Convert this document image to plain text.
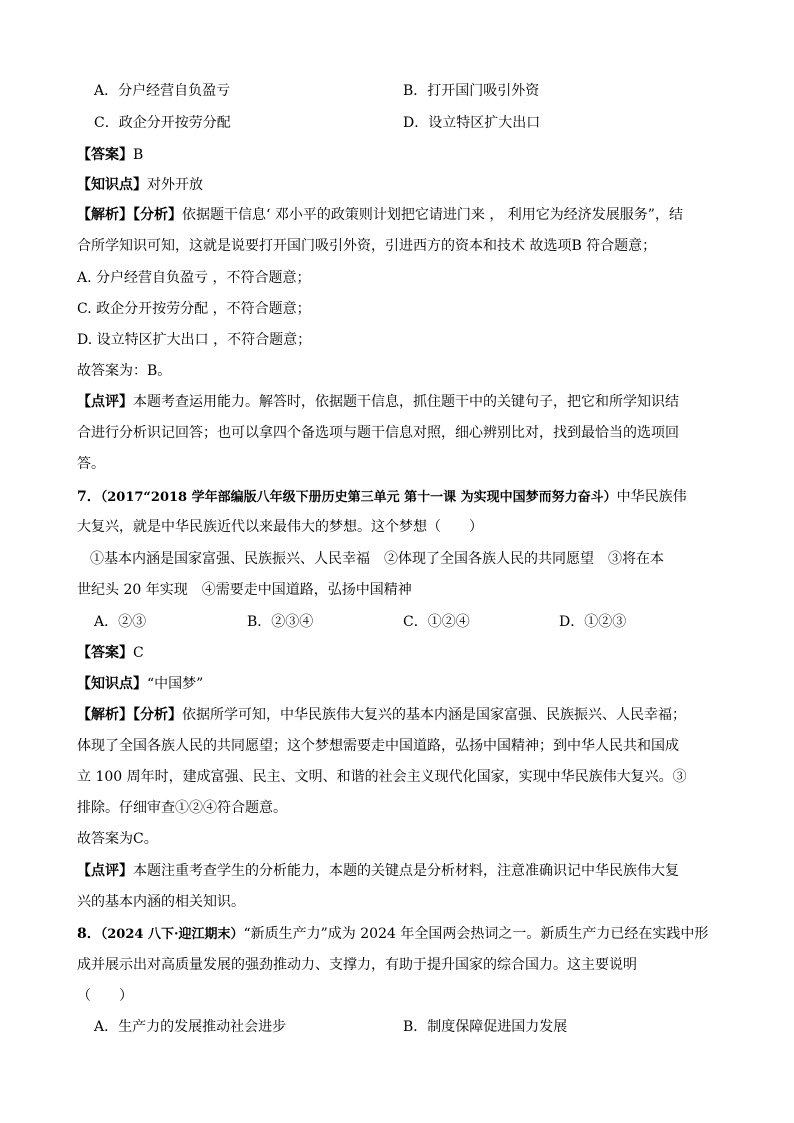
A．分户经营自负盈亏	B．打开国门吸引外资
C．政企分开按劳分配	D．设立特区扩大出口
【答案】B
【知识点】对外开放
【解析】【分析】依据题干信息‘ 邓小平的政策则计划把它请进门来 ， 利用它为经济发展服务”，结
合所学知识可知，这就是说要打开国门吸引外资，引进西方的资本和技术 故选项B 符合题意；
A. 分户经营自负盈亏 ，不符合题意；
C. 政企分开按劳分配 ，不符合题意；
D. 设立特区扩大出口 ，不符合题意；
故答案为：B。
【点评】本题考查运用能力。解答时，依据题干信息，抓住题干中的关键句子，把它和所学知识结
合进行分析识记回答；也可以拿四个备选项与题干信息对照，细心辨别比对，找到最恰当的选项回
答。
7．（2017“2018 学年部编版八年级下册历史第三单元 第十一课 为实现中国梦而努力奋斗）中华民族伟
大复兴，就是中华民族近代以来最伟大的梦想。这个梦想（　　）
①基本内涵是国家富强、民族振兴、人民幸福　②体现了全国各族人民的共同愿望　③将在本
世纪头 20 年实现　④需要走中国道路，弘扬中国精神
A．②③	B．②③④	C．①②④	D．①②③
【答案】C
【知识点】“中国梦”
【解析】【分析】依据所学可知，中华民族伟大复兴的基本内涵是国家富强、民族振兴、人民幸福；
体现了全国各族人民的共同愿望；这个梦想需要走中国道路，弘扬中国精神；到中华人民共和国成
立 100 周年时，建成富强、民主、文明、和谐的社会主义现代化国家，实现中华民族伟大复兴。③
排除。仔细审查①②④符合题意。
故答案为C。
【点评】本题注重考查学生的分析能力，本题的关键点是分析材料，注意准确识记中华民族伟大复
兴的基本内涵的相关知识。
8．（2024 八下·迎江期末）“新质生产力”成为 2024 年全国两会热词之一。新质生产力已经在实践中形
成并展示出对高质量发展的强劲推动力、支撑力，有助于提升国家的综合国力。这主要说明
（　　）
A．生产力的发展推动社会进步	B．制度保障促进国力发展
